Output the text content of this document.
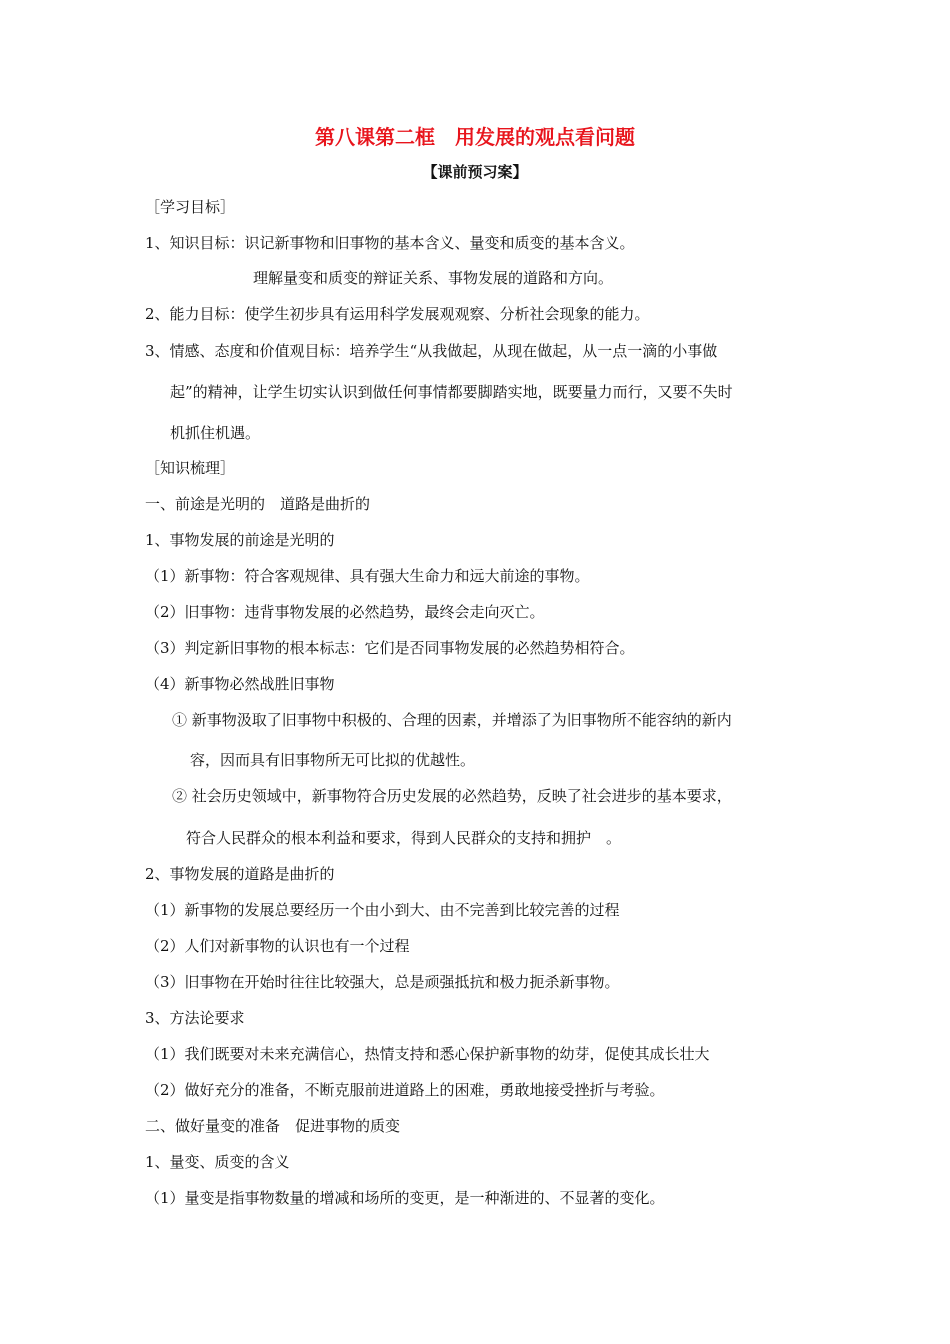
第八课第二框　用发展的观点看问题
【课前预习案】
［学习目标］
1、知识目标：识记新事物和旧事物的基本含义、量变和质变的基本含义。
理解量变和质变的辩证关系、事物发展的道路和方向。
2、能力目标：使学生初步具有运用科学发展观观察、分析社会现象的能力。
3、情感、态度和价值观目标：培养学生“从我做起，从现在做起，从一点一滴的小事做
起”的精神，让学生切实认识到做任何事情都要脚踏实地，既要量力而行，又要不失时
机抓住机遇。
［知识梳理］
一、前途是光明的　道路是曲折的
1、事物发展的前途是光明的
（1）新事物：符合客观规律、具有强大生命力和远大前途的事物。
（2）旧事物：违背事物发展的必然趋势，最终会走向灭亡。
（3）判定新旧事物的根本标志：它们是否同事物发展的必然趋势相符合。
（4）新事物必然战胜旧事物
① 新事物汲取了旧事物中积极的、合理的因素，并增添了为旧事物所不能容纳的新内
容，因而具有旧事物所无可比拟的优越性。
② 社会历史领域中，新事物符合历史发展的必然趋势，反映了社会进步的基本要求，
符合人民群众的根本利益和要求，得到人民群众的支持和拥护　。
2、事物发展的道路是曲折的
（1）新事物的发展总要经历一个由小到大、由不完善到比较完善的过程
（2）人们对新事物的认识也有一个过程
（3）旧事物在开始时往往比较强大，总是顽强抵抗和极力扼杀新事物。
3、方法论要求
（1）我们既要对未来充满信心，热情支持和悉心保护新事物的幼芽，促使其成长壮大
（2）做好充分的准备，不断克服前进道路上的困难，勇敢地接受挫折与考验。
二、做好量变的准备　促进事物的质变
1、量变、质变的含义
（1）量变是指事物数量的增减和场所的变更，是一种渐进的、不显著的变化。
